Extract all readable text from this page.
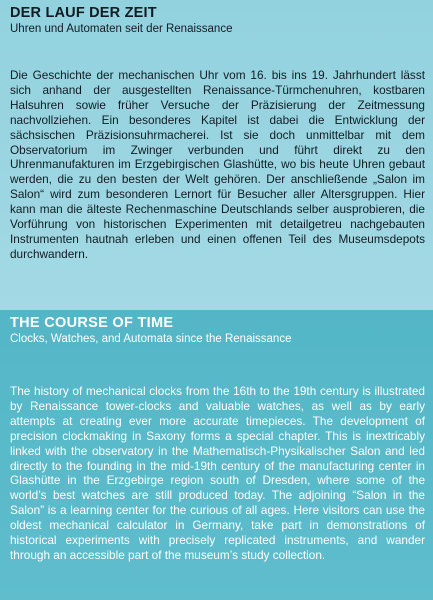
DER LAUF DER ZEIT

Uhren und Automaten seit der Renaissance

Die Geschichte der mechanischen Uhr vom 16. bis ins 19. Jahrhundert lässt sich anhand der ausgestellten Renaissance-Türmchenuhren, kostbaren Halsuhren sowie früher Versuche der Präzisierung der Zeitmessung nachvollziehen. Ein besonderes Kapitel ist dabei die Entwicklung der sächsischen Präzisionsuhrmacherei. Ist sie doch unmittelbar mit dem Observatorium im Zwinger verbunden und führt direkt zu den Uhrenmanufakturen im Erzgebirgischen Glashütte, wo bis heute Uhren gebaut werden, die zu den besten der Welt gehören. Der anschließende „Salon im Salon“ wird zum besonderen Lernort für Besucher aller Altersgruppen. Hier kann man die älteste Rechenmaschine Deutschlands selber ausprobieren, die Vorführung von historischen Experimenten mit detailgetreu nachgebauten Instrumenten hautnah erleben und einen offenen Teil des Museumsdepots durchwandern.

THE COURSE OF TIME

Clocks, Watches, and Automata since the Renaissance

The history of mechanical clocks from the 16th to the 19th century is illustrated by Renaissance tower-clocks and valuable watches, as well as by early attempts at creating ever more accurate timepieces. The development of precision clockmaking in Saxony forms a special chapter. This is inextricably linked with the observatory in the Mathematisch-Physikalischer Salon and led directly to the founding in the mid-19th century of the manufacturing center in Glashütte in the Erzgebirge region south of Dresden, where some of the world’s best watches are still produced today. The adjoining “Salon in the Salon” is a learning center for the curious of all ages. Here visitors can use the oldest mechanical calculator in Germany, take part in demonstrations of historical experiments with precisely replicated instruments, and wander through an accessible part of the museum’s study collection.
